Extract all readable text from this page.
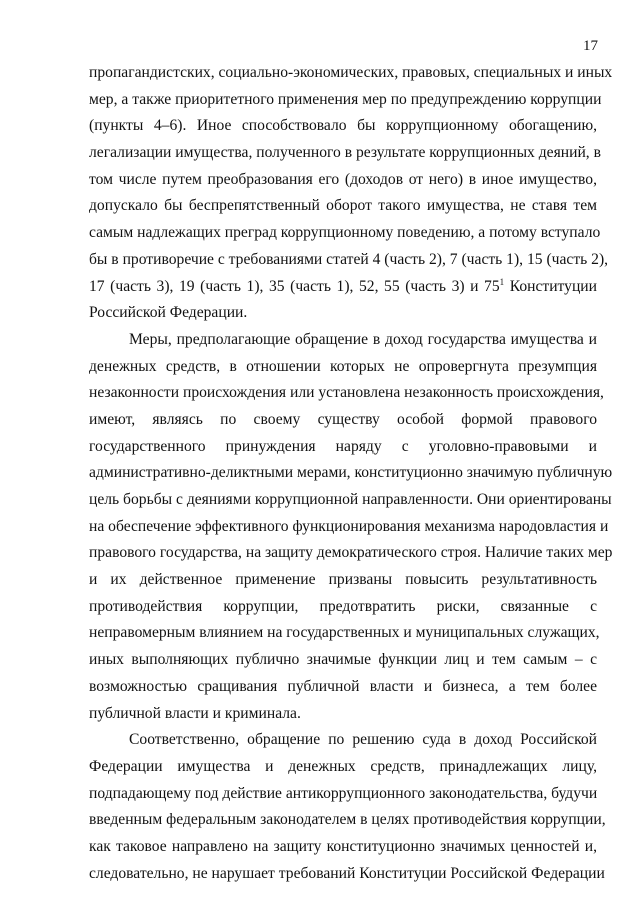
17
пропагандистских, социально-экономических, правовых, специальных и иных
мер, а также приоритетного применения мер по предупреждению коррупции
(пункты 4–6). Иное способствовало бы коррупционному обогащению,
легализации имущества, полученного в результате коррупционных деяний, в
том числе путем преобразования его (доходов от него) в иное имущество,
допускало бы беспрепятственный оборот такого имущества, не ставя тем
самым надлежащих преград коррупционному поведению, а потому вступало
бы в противоречие с требованиями статей 4 (часть 2), 7 (часть 1), 15 (часть 2),
17 (часть 3), 19 (часть 1), 35 (часть 1), 52, 55 (часть 3) и $75^1$ Конституции
Российской Федерации.
Меры, предполагающие обращение в доход государства имущества и
денежных средств, в отношении которых не опровергнута презумпция
незаконности происхождения или установлена незаконность происхождения,
имеют, являясь по своему существу особой формой правового
государственного принуждения наряду с уголовно-правовыми и
административно-деликтными мерами, конституционно значимую публичную
цель борьбы с деяниями коррупционной направленности. Они ориентированы
на обеспечение эффективного функционирования механизма народовластия и
правового государства, на защиту демократического строя. Наличие таких мер
и их действенное применение призваны повысить результативность
противодействия коррупции, предотвратить риски, связанные с
неправомерным влиянием на государственных и муниципальных служащих,
иных выполняющих публично значимые функции лиц и тем самым – с
возможностью сращивания публичной власти и бизнеса, а тем более
публичной власти и криминала.
Соответственно, обращение по решению суда в доход Российской
Федерации имущества и денежных средств, принадлежащих лицу,
подпадающему под действие антикоррупционного законодательства, будучи
введенным федеральным законодателем в целях противодействия коррупции,
как таковое направлено на защиту конституционно значимых ценностей и,
следовательно, не нарушает требований Конституции Российской Федерации
